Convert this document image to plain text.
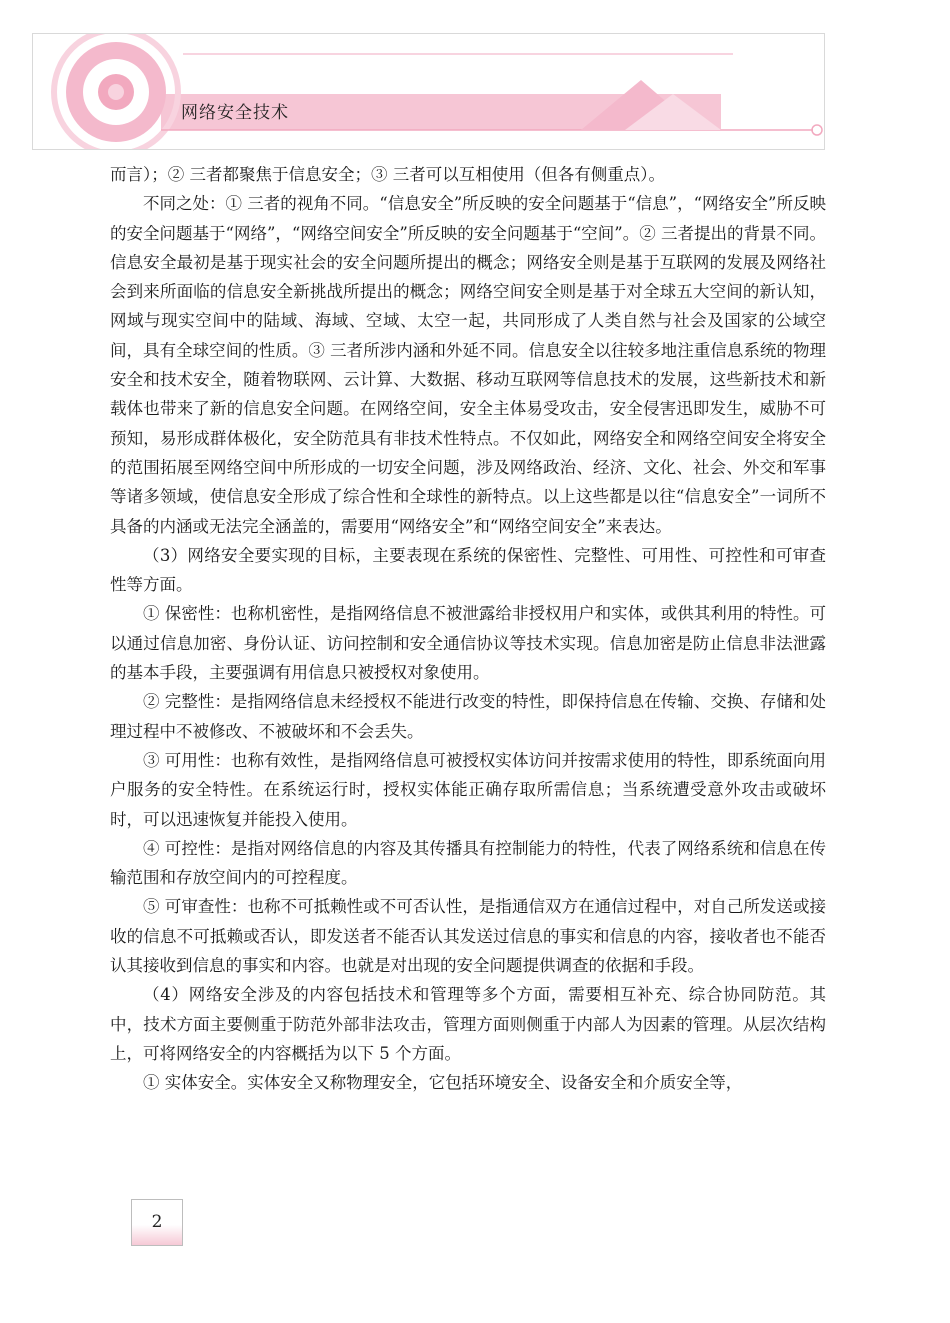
网络安全技术

而言）；② 三者都聚焦于信息安全；③ 三者可以互相使用（但各有侧重点）。

不同之处：① 三者的视角不同。“信息安全”所反映的安全问题基于“信息”，“网络安全”所反映的安全问题基于“网络”，“网络空间安全”所反映的安全问题基于“空间”。② 三者提出的背景不同。信息安全最初是基于现实社会的安全问题所提出的概念；网络安全则是基于互联网的发展及网络社会到来所面临的信息安全新挑战所提出的概念；网络空间安全则是基于对全球五大空间的新认知，网域与现实空间中的陆域、海域、空域、太空一起，共同形成了人类自然与社会及国家的公域空间，具有全球空间的性质。③ 三者所涉内涵和外延不同。信息安全以往较多地注重信息系统的物理安全和技术安全，随着物联网、云计算、大数据、移动互联网等信息技术的发展，这些新技术和新载体也带来了新的信息安全问题。在网络空间，安全主体易受攻击，安全侵害迅即发生，威胁不可预知，易形成群体极化，安全防范具有非技术性特点。不仅如此，网络安全和网络空间安全将安全的范围拓展至网络空间中所形成的一切安全问题，涉及网络政治、经济、文化、社会、外交和军事等诸多领域，使信息安全形成了综合性和全球性的新特点。以上这些都是以往“信息安全”一词所不具备的内涵或无法完全涵盖的，需要用“网络安全”和“网络空间安全”来表达。

（3）网络安全要实现的目标，主要表现在系统的保密性、完整性、可用性、可控性和可审查性等方面。

① 保密性：也称机密性，是指网络信息不被泄露给非授权用户和实体，或供其利用的特性。可以通过信息加密、身份认证、访问控制和安全通信协议等技术实现。信息加密是防止信息非法泄露的基本手段，主要强调有用信息只被授权对象使用。

② 完整性：是指网络信息未经授权不能进行改变的特性，即保持信息在传输、交换、存储和处理过程中不被修改、不被破坏和不会丢失。

③ 可用性：也称有效性，是指网络信息可被授权实体访问并按需求使用的特性，即系统面向用户服务的安全特性。在系统运行时，授权实体能正确存取所需信息；当系统遭受意外攻击或破坏时，可以迅速恢复并能投入使用。

④ 可控性：是指对网络信息的内容及其传播具有控制能力的特性，代表了网络系统和信息在传输范围和存放空间内的可控程度。

⑤ 可审查性：也称不可抵赖性或不可否认性，是指通信双方在通信过程中，对自己所发送或接收的信息不可抵赖或否认，即发送者不能否认其发送过信息的事实和信息的内容，接收者也不能否认其接收到信息的事实和内容。也就是对出现的安全问题提供调查的依据和手段。

（4）网络安全涉及的内容包括技术和管理等多个方面，需要相互补充、综合协同防范。其中，技术方面主要侧重于防范外部非法攻击，管理方面则侧重于内部人为因素的管理。从层次结构上，可将网络安全的内容概括为以下 5 个方面。

① 实体安全。实体安全又称物理安全，它包括环境安全、设备安全和介质安全等，

2
